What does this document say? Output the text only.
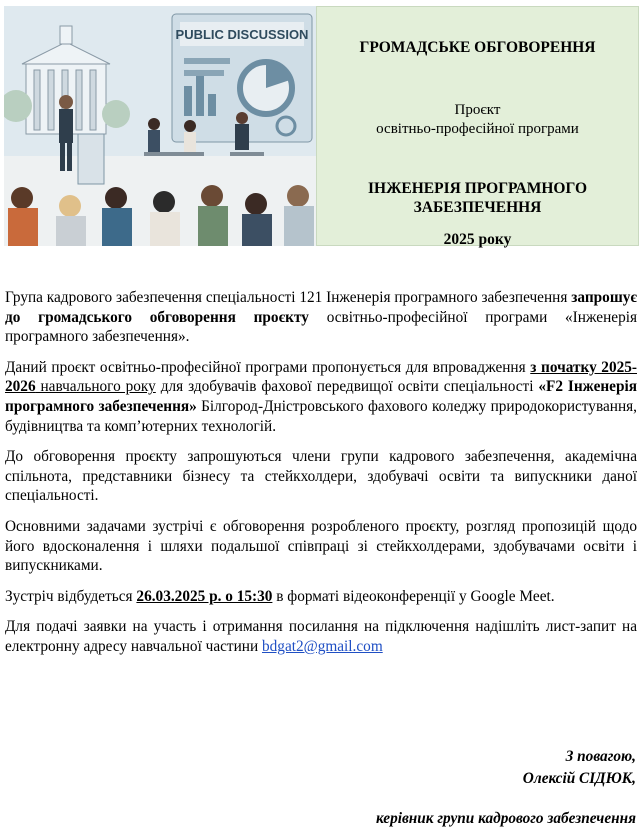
PUBLIC DISCUSSION
ГРОМАДСЬКЕ ОБГОВОРЕННЯ
Проєкт
освітньо-професійної програми
ІНЖЕНЕРІЯ ПРОГРАМНОГО
ЗАБЕЗПЕЧЕННЯ
2025 року

Група кадрового забезпечення спеціальності 121 Інженерія програмного забезпечення запрошує до громадського обговорення проєкту освітньо-професійної програми «Інженерія програмного забезпечення».

Даний проєкт освітньо-професійної програми пропонується для впровадження з початку 2025-2026 навчального року для здобувачів фахової передвищої освіти спеціальності «F2 Інженерія програмного забезпечення» Білгород-Дністровського фахового коледжу природокористування, будівництва та комп’ютерних технологій.

До обговорення проєкту запрошуються члени групи кадрового забезпечення, академічна спільнота, представники бізнесу та стейкхолдери, здобувачі освіти та випускники даної спеціальності.

Основними задачами зустрічі є обговорення розробленого проєкту, розгляд пропозицій щодо його вдосконалення і шляхи подальшої співпраці зі стейкхолдерами, здобувачами освіти і випускниками.

Зустріч відбудеться 26.03.2025 р. о 15:30 в форматі відеоконференції у Google Meet.

Для подачі заявки на участь і отримання посилання на підключення надішліть лист-запит на електронну адресу навчальної частини bdgat2@gmail.com

З повагою,
Олексій СІДЮК,
керівник групи кадрового забезпечення
